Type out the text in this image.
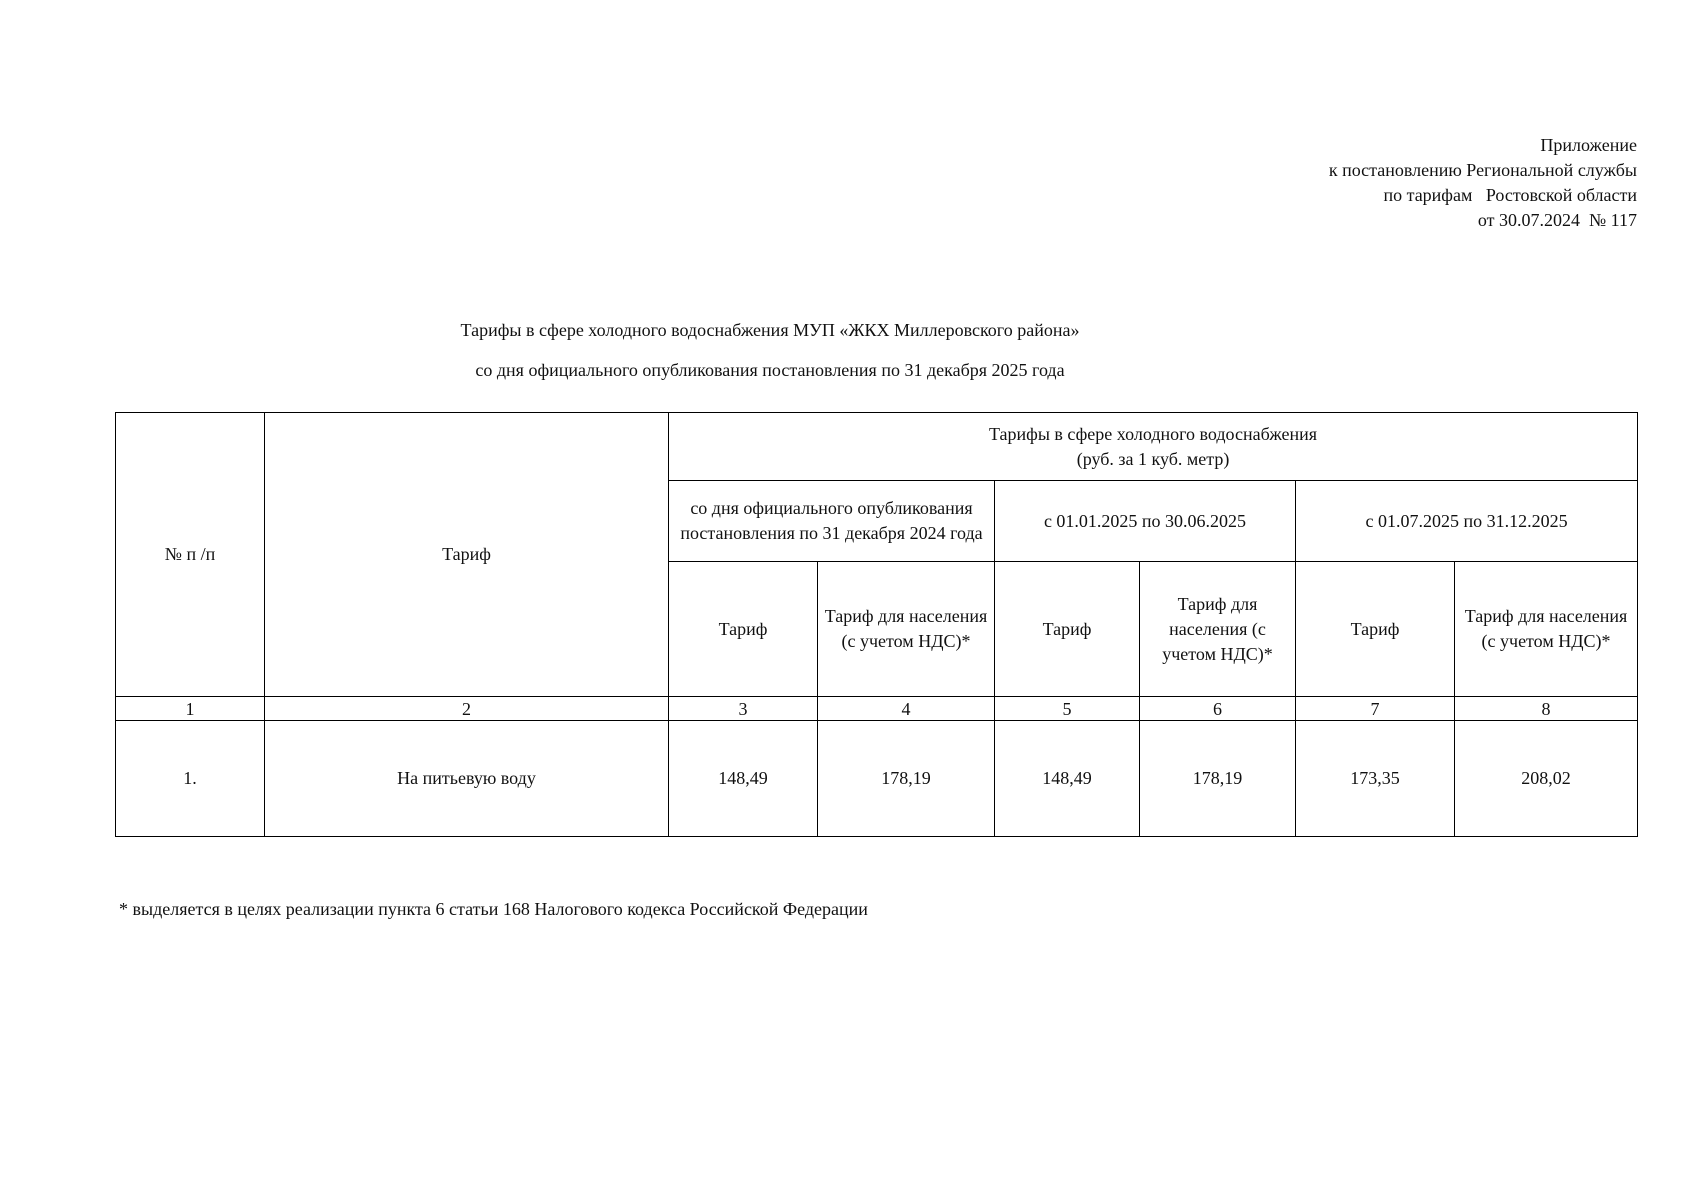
Приложение
к постановлению Региональной службы
по тарифам   Ростовской области
от 30.07.2024  № 117
Тарифы в сфере холодного водоснабжения МУП «ЖКХ Миллеровского района»
со дня официального опубликования постановления по 31 декабря 2025 года
№ п /п	Тариф	Тарифы в сфере холодного водоснабжения
(руб. за 1 куб. метр)					

		со дня официального опубликования постановления по 31 декабря 2024 года		с 01.01.2025 по 30.06.2025		с 01.07.2025 по 31.12.2025	
		Тариф	Тариф для населения (с учетом НДС)*	Тариф	Тариф для населения (с учетом НДС)*	Тариф	Тариф для населения (с учетом НДС)*
1	2	3	4	5	6	7	8
1.	На питьевую воду	148,49	178,19	148,49	178,19	173,35	208,02
* выделяется в целях реализации пункта 6 статьи 168 Налогового кодекса Российской Федерации
